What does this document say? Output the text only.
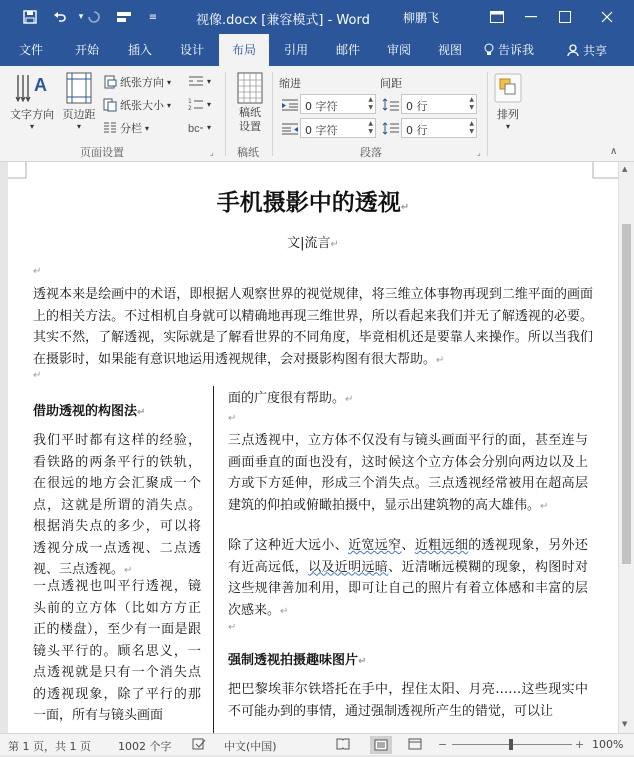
▾	≡	视像.docx [兼容模式] - Word	柳鹏飞
文件	开始 插入 设计	布局	引用 邮件 审阅 视图	告诉我	共享
A
文字方向
▾
页边距
▾
纸张方向 ▾
纸张大小 ▾
分栏 ▾
▾
1
2 ▾
bc ▾
页面设置	⌟
稿纸设置
稿纸
缩进	间距
0 字符
▲
▼
0 字符
▲
▼
0 行
▲
▼
0 行
▲
▼
段落	⌟
排列
▾
∧
手机摄影中的透视↵
文|流言↵
↵
透视本来是绘画中的术语，即根据人观察世界的视觉规律，将三维立体事物再现到二维平面的画面上的相关方法。不过相机自身就可以精确地再现三维世界，所以看起来我们并无了解透视的必要。其实不然，了解透视，实际就是了解看世界的不同角度，毕竟相机还是要靠人来操作。所以当我们在摄影时，如果能有意识地运用透视规律，会对摄影构图有很大帮助。↵
↵
借助透视的构图法↵
我们平时都有这样的经验，看铁路的两条平行的铁轨，在很远的地方会汇聚成一个点，这就是所谓的消失点。根据消失点的多少，可以将透视分成一点透视、二点透视、三点透视。↵
一点透视也叫平行透视，镜头前的立方体（比如方方正正的楼盘），至少有一面是跟镜头平行的。顾名思义，一点透视就是只有一个消失点的透视现象，除了平行的那一面，所有与镜头画面
面的广度很有帮助。↵
↵
三点透视中，立方体不仅没有与镜头画面平行的面，甚至连与画面垂直的面也没有，这时候这个立方体会分别向两边以及上方或下方延伸，形成三个消失点。三点透视经常被用在超高层建筑的仰拍或俯瞰拍摄中，显示出建筑物的高大雄伟。↵
除了这种近大远小、近宽远窄、近粗远细的透视现象，另外还有近高远低，以及近明远暗、近清晰远模糊的现象，构图时对这些规律善加利用，即可让自己的照片有着立体感和丰富的层次感来。↵
↵
强制透视拍摄趣味图片↵
把巴黎埃菲尔铁塔托在手中，捏住太阳、月亮……这些现实中不可能办到的事情，通过强制透视所产生的错觉，可以让
▲
▼
第 1 页，共 1 页 1002 个字	中文(中国)	−	+ 100%
